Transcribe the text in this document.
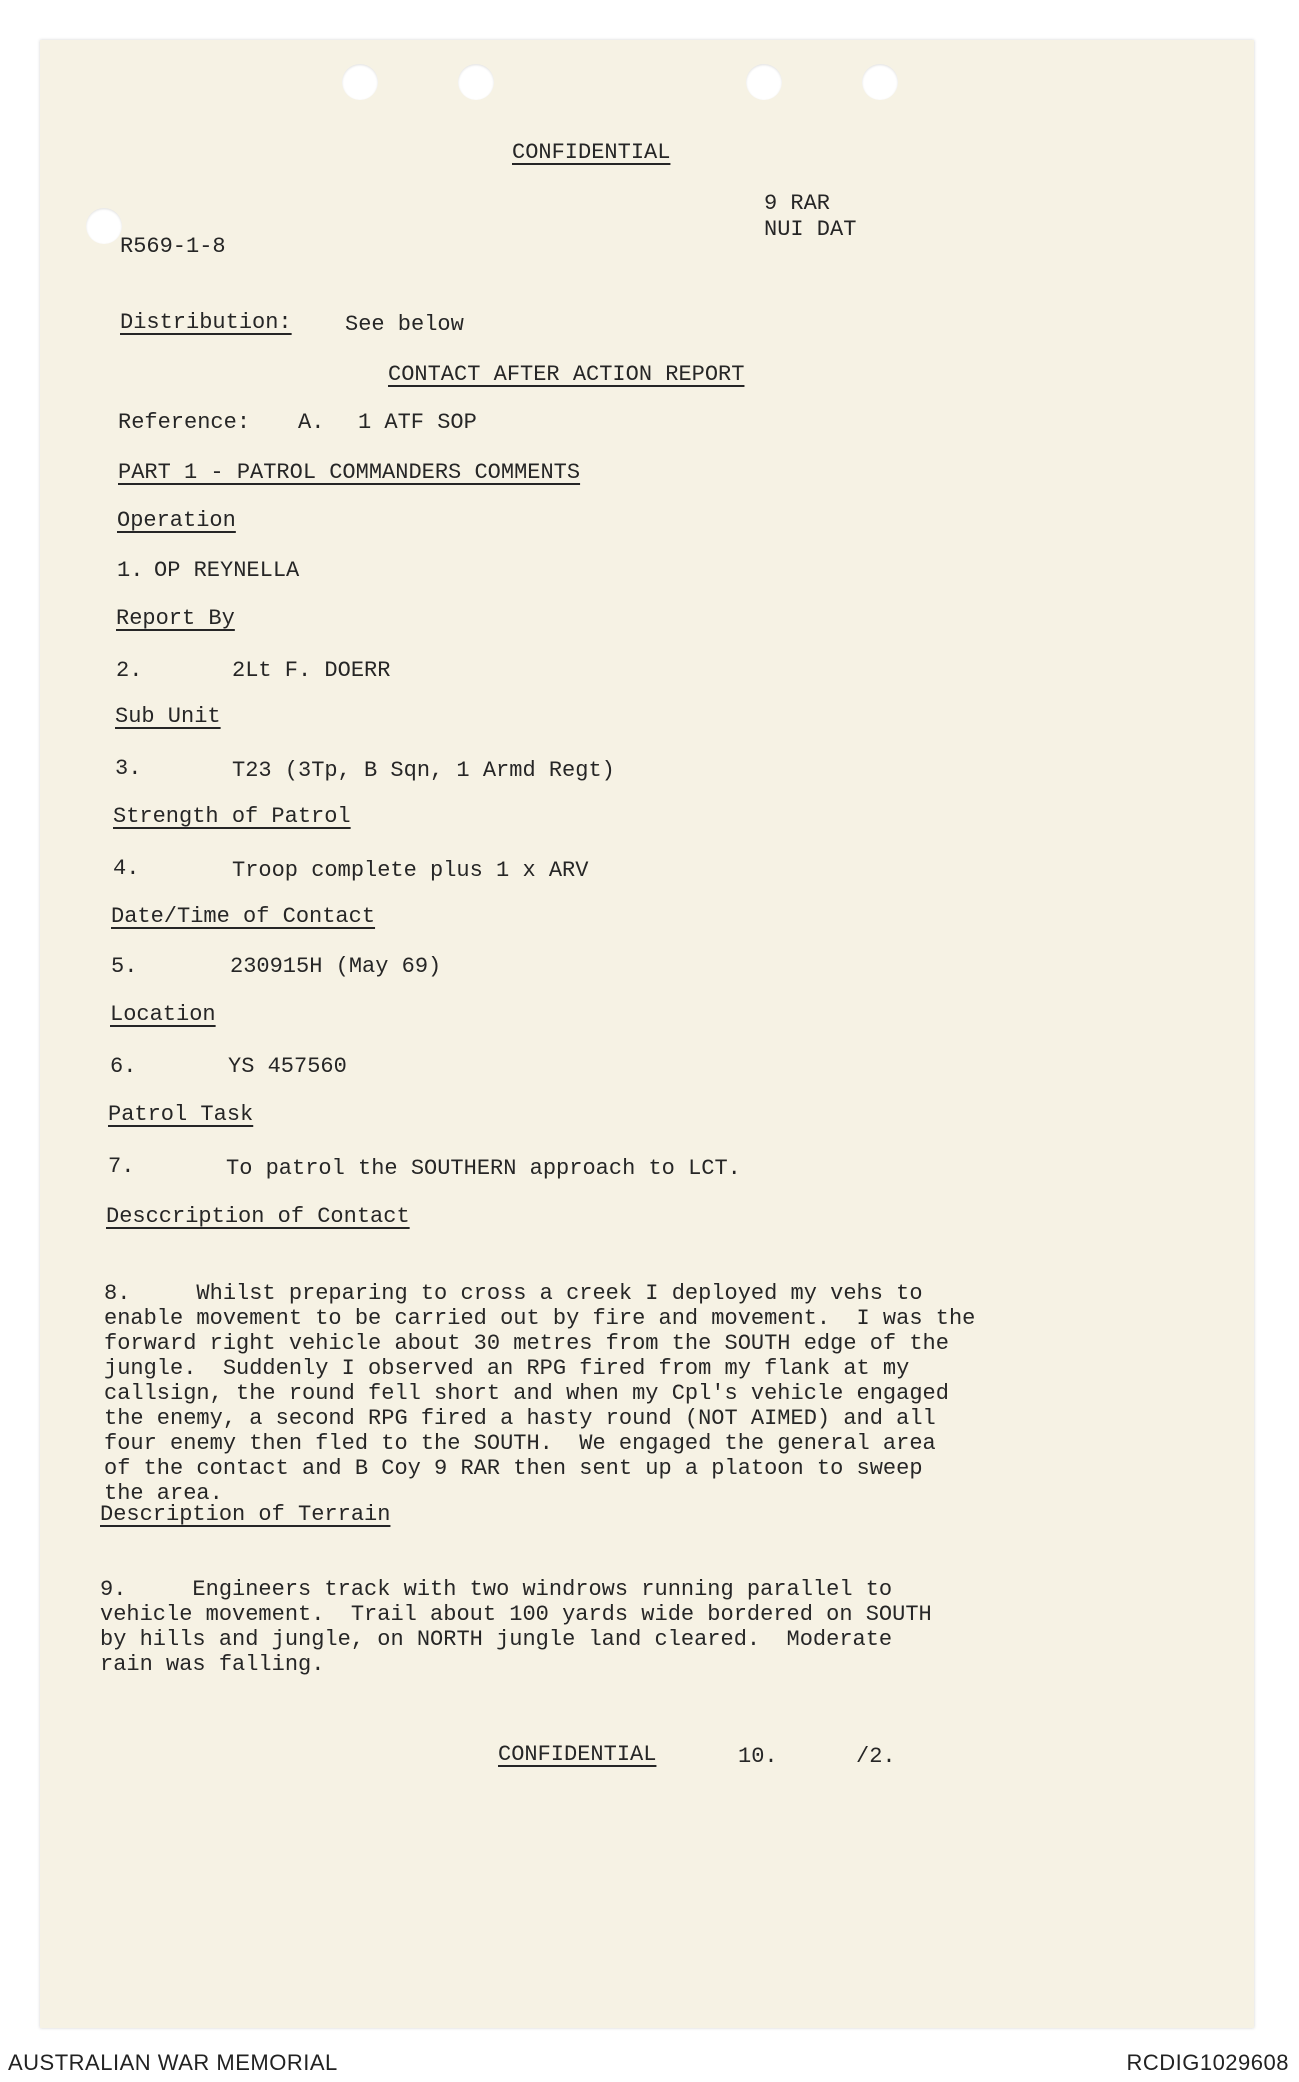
CONFIDENTIAL
9 RAR
NUI DAT
R569-1-8
Distribution: See below
CONTACT AFTER ACTION REPORT
Reference: A. 1 ATF SOP
PART 1 - PATROL COMMANDERS COMMENTS
Operation
1. OP REYNELLA
Report By
2.	2Lt F. DOERR
Sub Unit
3.	T23 (3Tp, B Sqn, 1 Armd Regt)
Strength of Patrol
4.	Troop complete plus 1 x ARV
Date/Time of Contact
5.	230915H (May 69)
Location
6.	YS 457560
Patrol Task
7.	To patrol the SOUTHERN approach to LCT.
Desccription of Contact

8.     Whilst preparing to cross a creek I deployed my vehs to
enable movement to be carried out by fire and movement.  I was the
forward right vehicle about 30 metres from the SOUTH edge of the
jungle.  Suddenly I observed an RPG fired from my flank at my
callsign, the round fell short and when my Cpl's vehicle engaged
the enemy, a second RPG fired a hasty round (NOT AIMED) and all
four enemy then fled to the SOUTH.  We engaged the general area
of the contact and B Coy 9 RAR then sent up a platoon to sweep
the area.

Description of Terrain

9.     Engineers track with two windrows running parallel to
vehicle movement.  Trail about 100 yards wide bordered on SOUTH
by hills and jungle, on NORTH jungle land cleared.  Moderate
rain was falling.

CONFIDENTIAL	10.	/2.
AUSTRALIAN WAR MEMORIAL	RCDIG1029608
